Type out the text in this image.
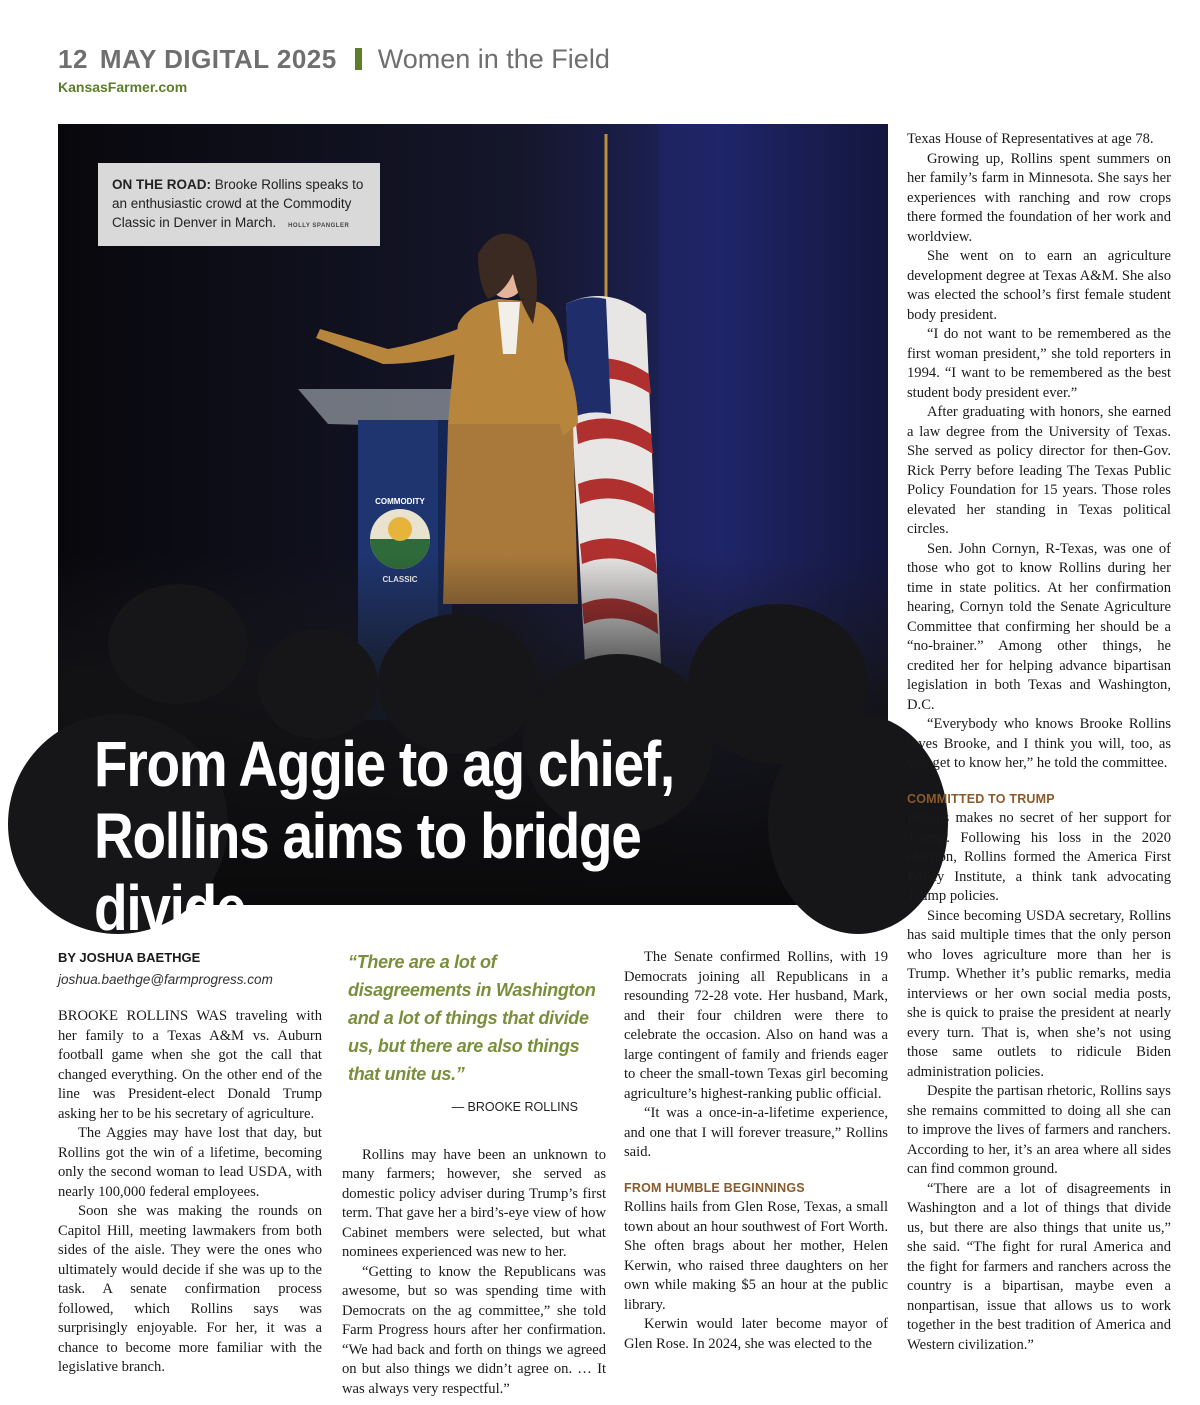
12 MAY DIGITAL 2025 Women in the Field
KansasFarmer.com
COMMODITY
ON THE ROAD: Brooke Rollins speaks to an enthusiastic crowd at the Commodity Classic in Denver in March. HOLLY SPANGLER
From Aggie to ag chief,
Rollins aims to bridge divide
BY JOSHUA BAETHGE
joshua.baethge@farmprogress.com

BROOKE ROLLINS WAS traveling with her family to a Texas A&M vs. Auburn football game when she got the call that changed everything. On the other end of the line was President-elect Donald Trump asking her to be his secretary of agriculture.

The Aggies may have lost that day, but Rollins got the win of a lifetime, becoming only the second woman to lead USDA, with nearly 100,000 federal employees.

Soon she was making the rounds on Capitol Hill, meeting lawmakers from both sides of the aisle. They were the ones who ultimately would decide if she was up to the task. A senate confirmation process followed, which Rollins says was surprisingly enjoyable. For her, it was a chance to become more familiar with the legislative branch.

“There are a lot of disagreements in Washington and a lot of things that divide us, but there are also things that unite us.”
— BROOKE ROLLINS

Rollins may have been an unknown to many farmers; however, she served as domestic policy adviser during Trump’s first term. That gave her a bird’s-eye view of how Cabinet members were selected, but what nominees experienced was new to her.

“Getting to know the Republicans was awesome, but so was spending time with Democrats on the ag committee,” she told Farm Progress hours after her confirmation. “We had back and forth on things we agreed on but also things we didn’t agree on. … It was always very respectful.”

The Senate confirmed Rollins, with 19 Democrats joining all Republicans in a resounding 72-28 vote. Her husband, Mark, and their four children were there to celebrate the occasion. Also on hand was a large contingent of family and friends eager to cheer the small-town Texas girl becoming agriculture’s highest-ranking public official.

“It was a once-in-a-lifetime experience, and one that I will forever treasure,” Rollins said.

FROM HUMBLE BEGINNINGS

Rollins hails from Glen Rose, Texas, a small town about an hour southwest of Fort Worth. She often brags about her mother, Helen Kerwin, who raised three daughters on her own while making $5 an hour at the public library.

Kerwin would later become mayor of Glen Rose. In 2024, she was elected to the

Texas House of Representatives at age 78.

Growing up, Rollins spent summers on her family’s farm in Minnesota. She says her experiences with ranching and row crops there formed the foundation of her work and worldview.

She went on to earn an agriculture development degree at Texas A&M. She also was elected the school’s first female student body president.

“I do not want to be remembered as the first woman president,” she told reporters in 1994. “I want to be remembered as the best student body president ever.”

After graduating with honors, she earned a law degree from the University of Texas. She served as policy director for then-Gov. Rick Perry before leading The Texas Public Policy Foundation for 15 years. Those roles elevated her standing in Texas political circles.

Sen. John Cornyn, R-Texas, was one of those who got to know Rollins during her time in state politics. At her confirmation hearing, Cornyn told the Senate Agriculture Committee that confirming her should be a “no-brainer.” Among other things, he credited her for helping advance bipartisan legislation in both Texas and Washington, D.C.

“Everybody who knows Brooke Rollins loves Brooke, and I think you will, too, as you get to know her,” he told the committee.

COMMITTED TO TRUMP

Rollins makes no secret of her support for Trump. Following his loss in the 2020 election, Rollins formed the America First Policy Institute, a think tank advocating Trump policies.

Since becoming USDA secretary, Rollins has said multiple times that the only person who loves agriculture more than her is Trump. Whether it’s public remarks, media interviews or her own social media posts, she is quick to praise the president at nearly every turn. That is, when she’s not using those same outlets to ridicule Biden administration policies.

Despite the partisan rhetoric, Rollins says she remains committed to doing all she can to improve the lives of farmers and ranchers. According to her, it’s an area where all sides can find common ground.

“There are a lot of disagreements in Washington and a lot of things that divide us, but there are also things that unite us,” she said. “The fight for rural America and the fight for farmers and ranchers across the country is a bipartisan, maybe even a nonpartisan, issue that allows us to work together in the best tradition of America and Western civilization.”
